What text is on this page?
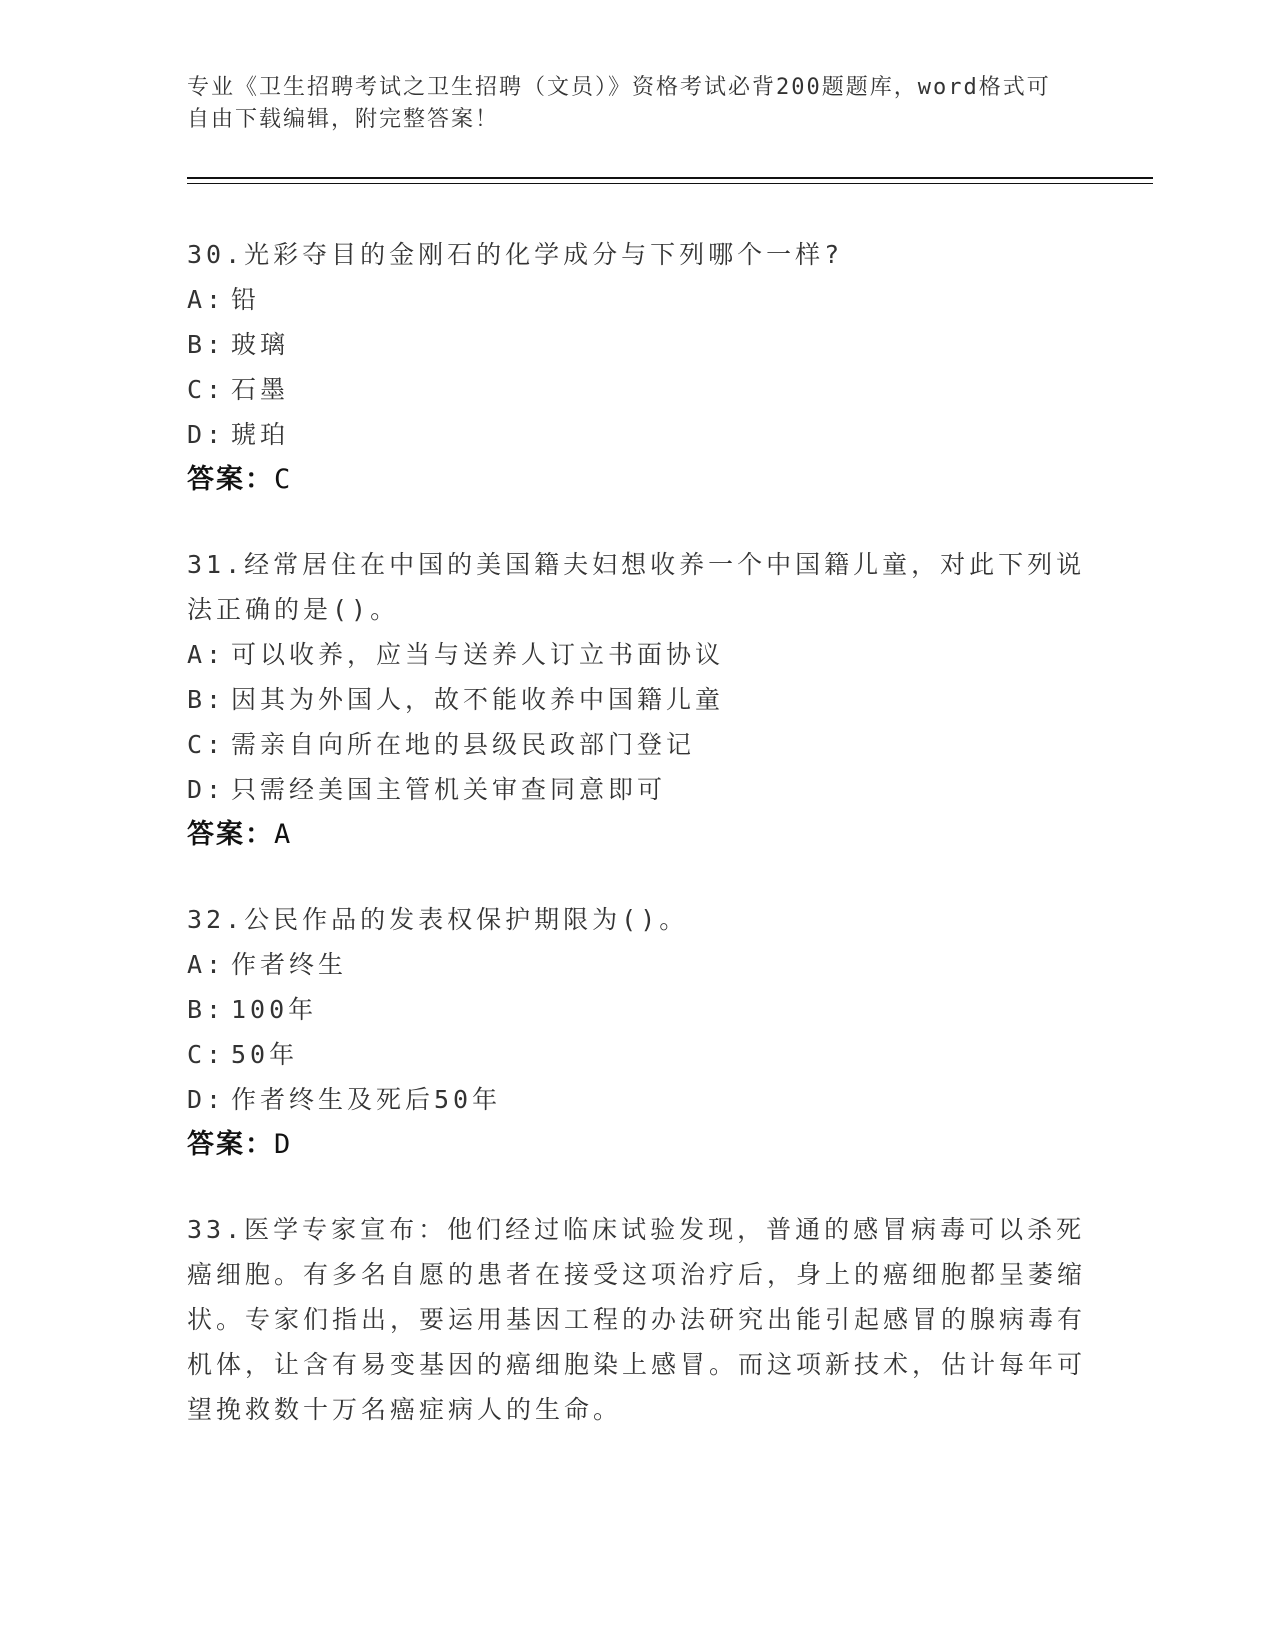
专业《卫生招聘考试之卫生招聘（文员）》资格考试必背200题题库，word格式可自由下载编辑，附完整答案！

30.光彩夺目的金刚石的化学成分与下列哪个一样?

A: 铅

B: 玻璃

C: 石墨

D: 琥珀

答案：C

31.经常居住在中国的美国籍夫妇想收养一个中国籍儿童，对此下列说法正确的是()。

A: 可以收养，应当与送养人订立书面协议

B: 因其为外国人，故不能收养中国籍儿童

C: 需亲自向所在地的县级民政部门登记

D: 只需经美国主管机关审查同意即可

答案：A

32.公民作品的发表权保护期限为()。

A: 作者终生

B: 100年

C: 50年

D: 作者终生及死后50年

答案：D

33.医学专家宣布：他们经过临床试验发现，普通的感冒病毒可以杀死癌细胞。有多名自愿的患者在接受这项治疗后，身上的癌细胞都呈萎缩状。专家们指出，要运用基因工程的办法研究出能引起感冒的腺病毒有机体，让含有易变基因的癌细胞染上感冒。而这项新技术，估计每年可望挽救数十万名癌症病人的生命。
